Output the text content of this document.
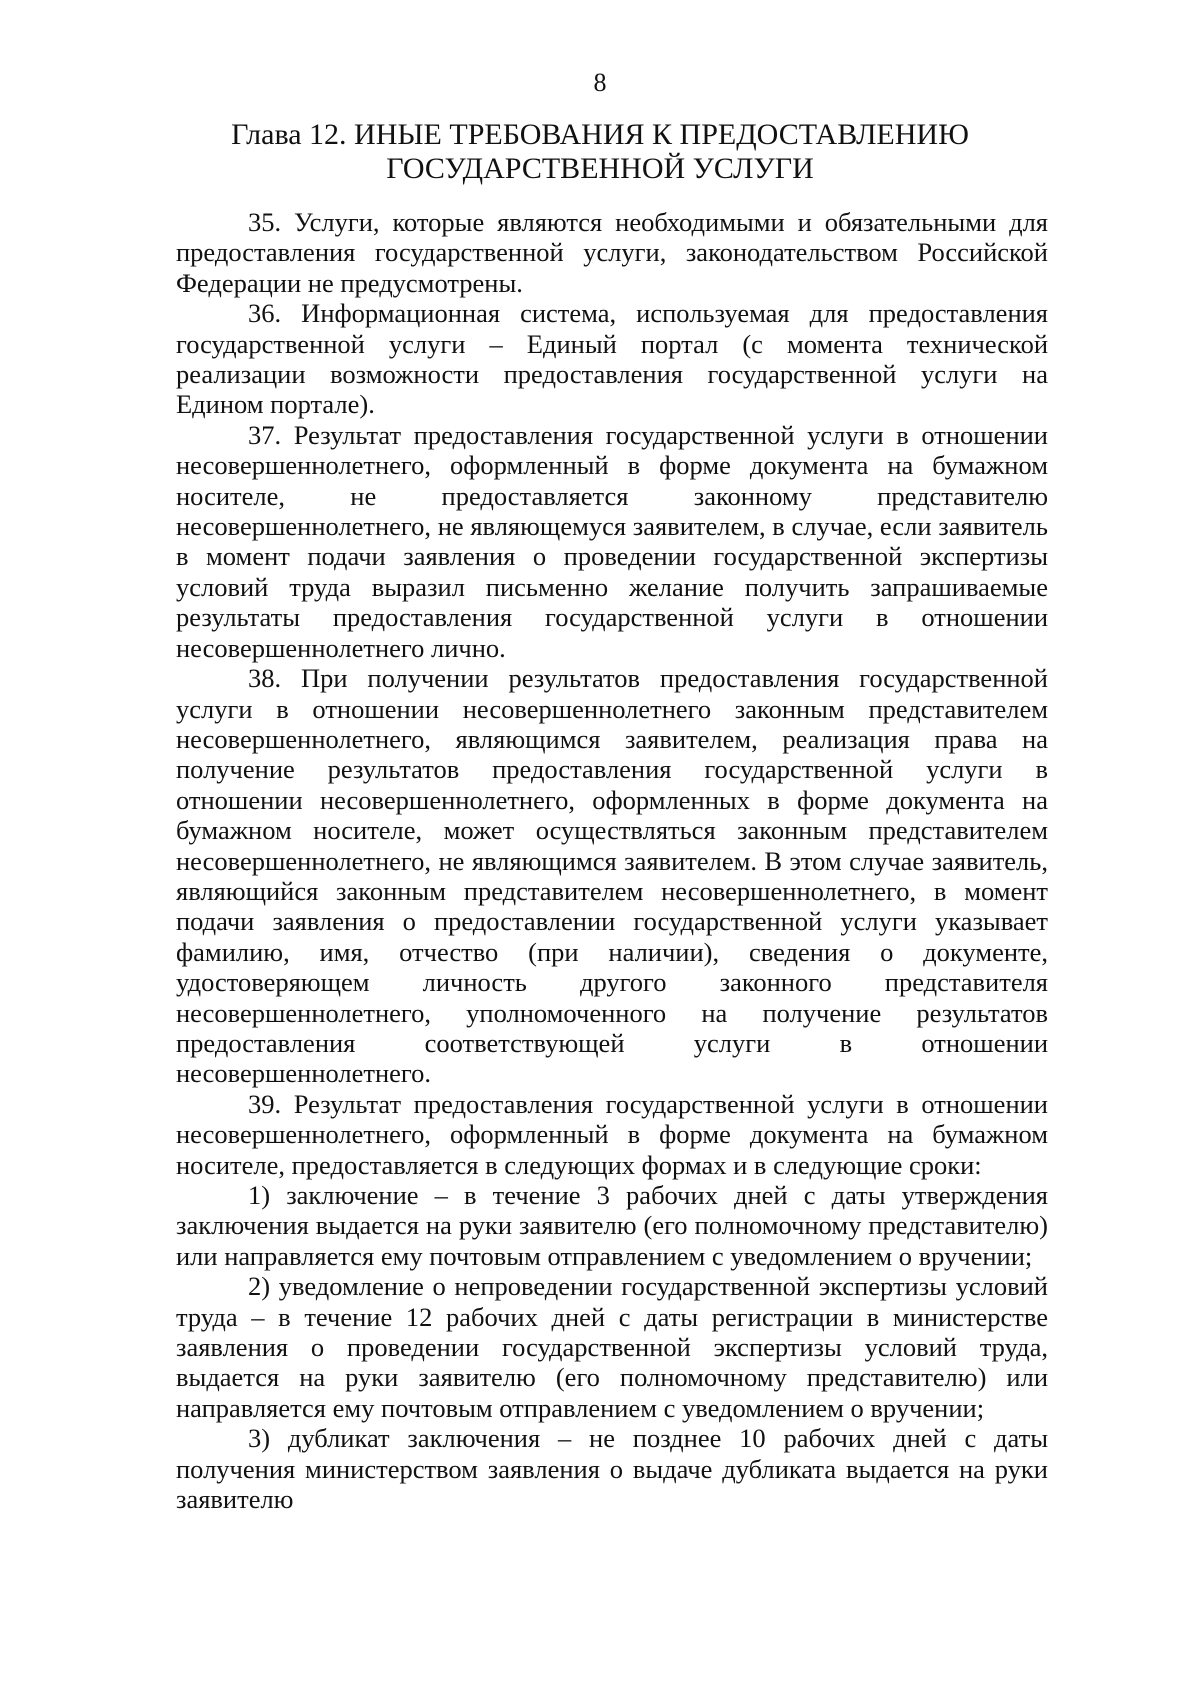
8
Глава 12. ИНЫЕ ТРЕБОВАНИЯ К ПРЕДОСТАВЛЕНИЮ
ГОСУДАРСТВЕННОЙ УСЛУГИ

35. Услуги, которые являются необходимыми и обязательными для предоставления государственной услуги, законодательством Российской Федерации не предусмотрены.

36. Информационная система, используемая для предоставления государственной услуги – Единый портал (с момента технической реализации возможности предоставления государственной услуги на Едином портале).

37. Результат предоставления государственной услуги в отношении несовершеннолетнего, оформленный в форме документа на бумажном носителе, не предоставляется законному представителю несовершеннолетнего, не являющемуся заявителем, в случае, если заявитель в момент подачи заявления о проведении государственной экспертизы условий труда выразил письменно желание получить запрашиваемые результаты предоставления государственной услуги в отношении несовершеннолетнего лично.

38. При получении результатов предоставления государственной услуги в отношении несовершеннолетнего законным представителем несовершеннолетнего, являющимся заявителем, реализация права на получение результатов предоставления государственной услуги в отношении несовершеннолетнего, оформленных в форме документа на бумажном носителе, может осуществляться законным представителем несовершеннолетнего, не являющимся заявителем. В этом случае заявитель, являющийся законным представителем несовершеннолетнего, в момент подачи заявления о предоставлении государственной услуги указывает фамилию, имя, отчество (при наличии), сведения о документе, удостоверяющем личность другого законного представителя несовершеннолетнего, уполномоченного на получение результатов предоставления соответствующей услуги в отношении несовершеннолетнего.

39. Результат предоставления государственной услуги в отношении несовершеннолетнего, оформленный в форме документа на бумажном носителе, предоставляется в следующих формах и в следующие сроки:

1) заключение – в течение 3 рабочих дней с даты утверждения заключения выдается на руки заявителю (его полномочному представителю) или направляется ему почтовым отправлением с уведомлением о вручении;

2) уведомление о непроведении государственной экспертизы условий труда – в течение 12 рабочих дней с даты регистрации в министерстве заявления о проведении государственной экспертизы условий труда, выдается на руки заявителю (его полномочному представителю) или направляется ему почтовым отправлением с уведомлением о вручении;

3) дубликат заключения – не позднее 10 рабочих дней с даты получения министерством заявления о выдаче дубликата выдается на руки заявителю
